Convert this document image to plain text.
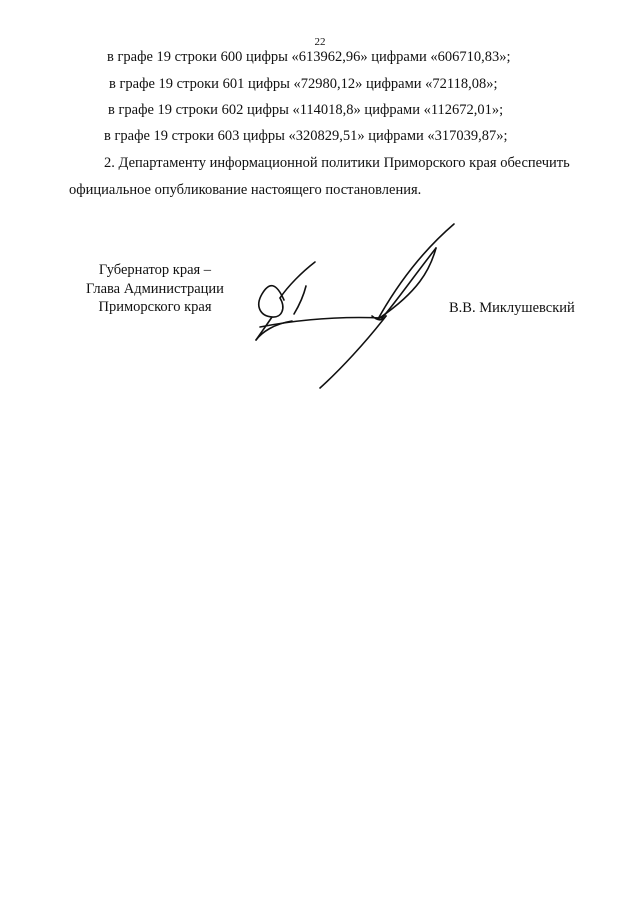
22
в графе 19 строки 600 цифры «613962,96» цифрами «606710,83»;
в графе 19 строки 601 цифры «72980,12» цифрами «72118,08»;
в графе 19 строки 602 цифры «114018,8» цифрами «112672,01»;
в графе 19 строки 603 цифры «320829,51» цифрами «317039,87»;
2. Департаменту информационной политики Приморского края обеспечить
официальное опубликование настоящего постановления.
Губернатор края –
Глава Администрации
Приморского края	В.В. Миклушевский
